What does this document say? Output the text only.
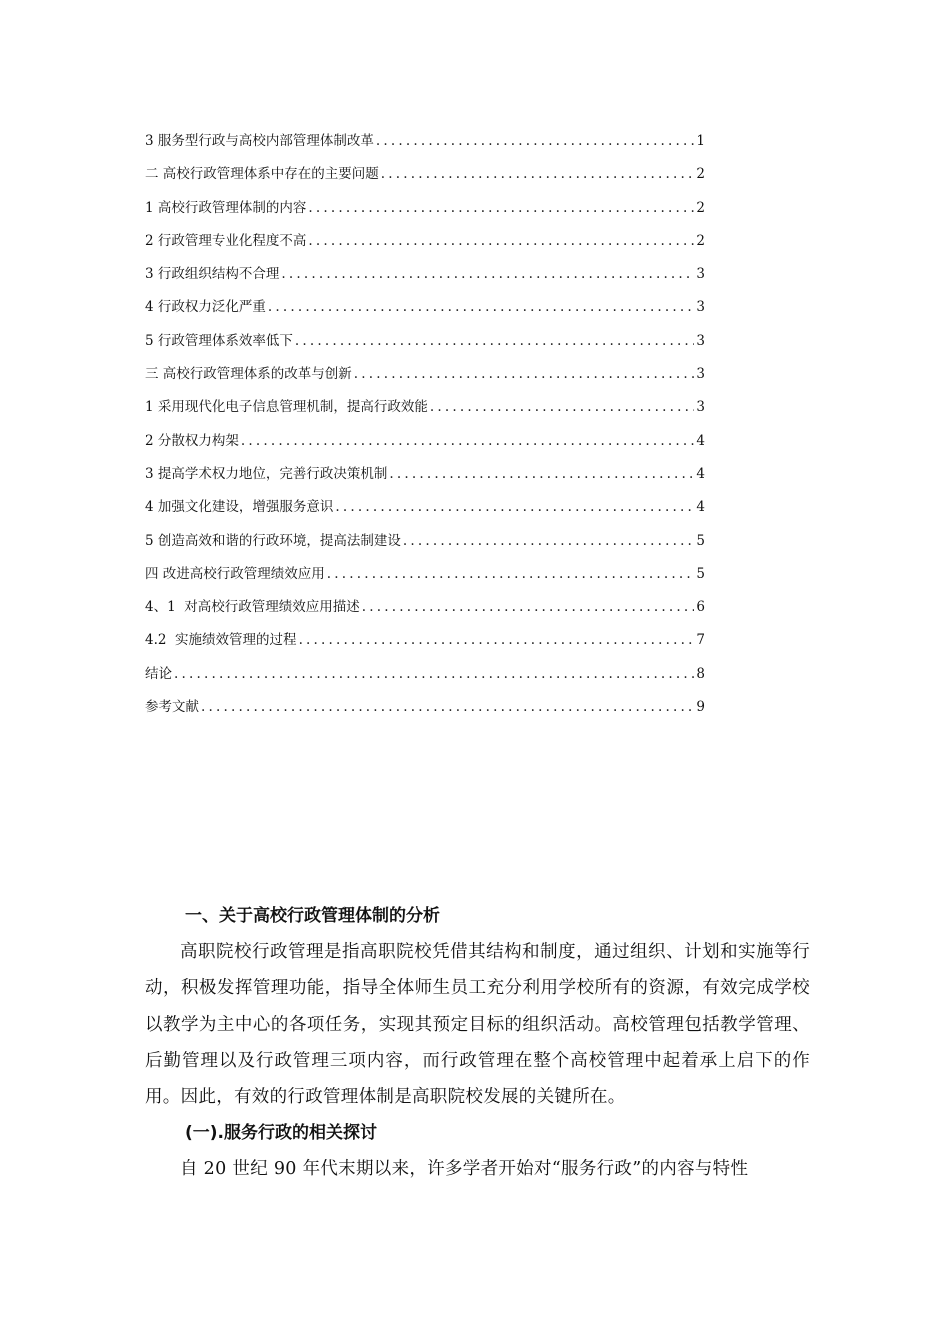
3 服务型行政与高校内部管理体制改革 .....	1
二 高校行政管理体系中存在的主要问题 .....	2
1 高校行政管理体制的内容 .....	2
2 行政管理专业化程度不高 .....	2
3 行政组织结构不合理 .....	3
4 行政权力泛化严重 .....	3
5 行政管理体系效率低下 .....	3
三 高校行政管理体系的改革与创新 .....	3
1 采用现代化电子信息管理机制，提高行政效能 .....	3
2 分散权力构架 .....	4
3 提高学术权力地位，完善行政决策机制 .....	4
4 加强文化建设，增强服务意识 .....	4
5 创造高效和谐的行政环境，提高法制建设 .....	5
四 改进高校行政管理绩效应用 .....	5
4、1  对高校行政管理绩效应用描述 .....	6
4.2  实施绩效管理的过程 .....	7
结论 .....	8
参考文献 .....	9
一、关于高校行政管理体制的分析

高职院校行政管理是指高职院校凭借其结构和制度，通过组织、计划和实施等行动，积极发挥管理功能，指导全体师生员工充分利用学校所有的资源，有效完成学校以教学为主中心的各项任务，实现其预定目标的组织活动。高校管理包括教学管理、后勤管理以及行政管理三项内容，而行政管理在整个高校管理中起着承上启下的作用。因此，有效的行政管理体制是高职院校发展的关键所在。

(一).服务行政的相关探讨

自 20 世纪 90 年代末期以来，许多学者开始对“服务行政”的内容与特性
